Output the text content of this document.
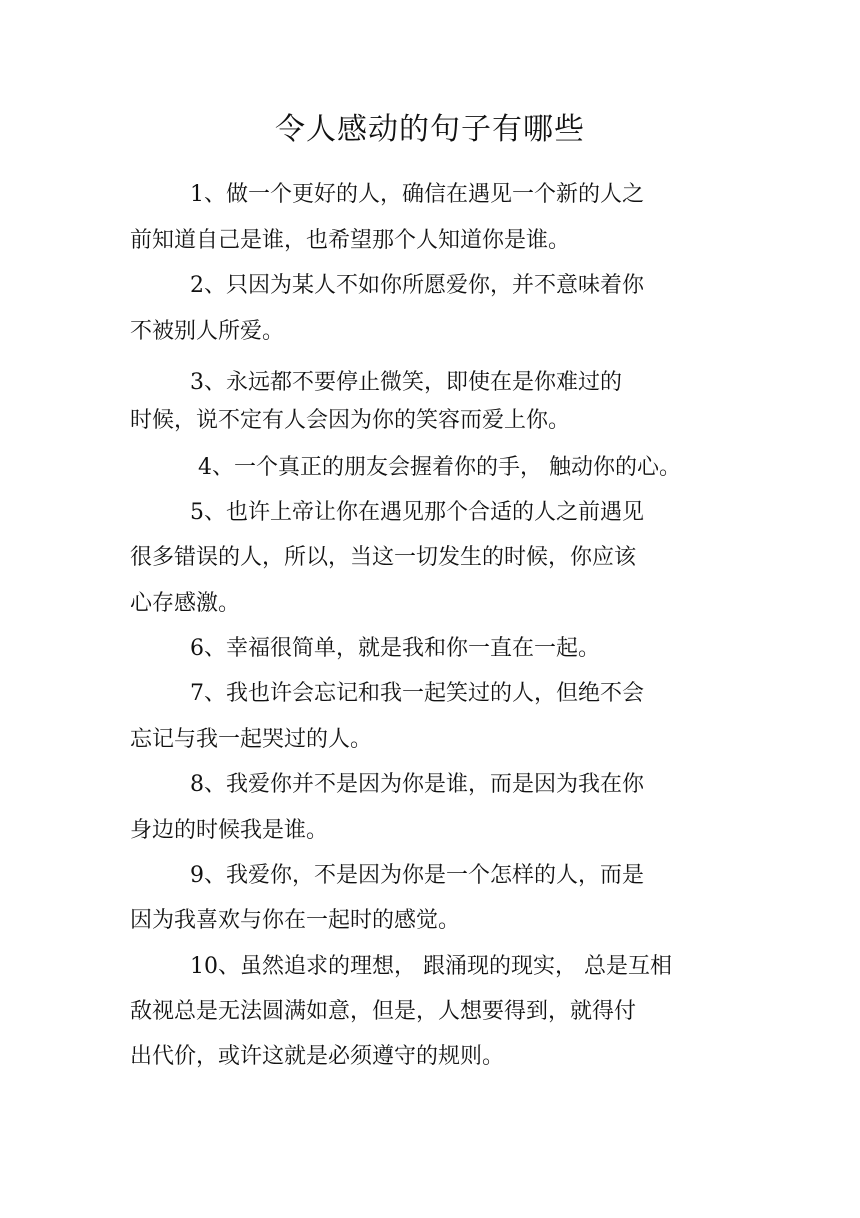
令人感动的句子有哪些
1、做一个更好的人，确信在遇见一个新的人之
前知道自己是谁，也希望那个人知道你是谁。
2、只因为某人不如你所愿爱你，并不意味着你
不被别人所爱。
3、永远都不要停止微笑，即使在是你难过的
时候，说不定有人会因为你的笑容而爱上你。
4、一个真正的朋友会握着你的手， 触动你的心。
5、也许上帝让你在遇见那个合适的人之前遇见
很多错误的人，所以，当这一切发生的时候，你应该
心存感激。
6、幸福很简单，就是我和你一直在一起。
7、我也许会忘记和我一起笑过的人，但绝不会
忘记与我一起哭过的人。
8、我爱你并不是因为你是谁，而是因为我在你
身边的时候我是谁。
9、我爱你，不是因为你是一个怎样的人，而是
因为我喜欢与你在一起时的感觉。
10、虽然追求的理想， 跟涌现的现实， 总是互相
敌视总是无法圆满如意，但是，人想要得到，就得付
出代价，或许这就是必须遵守的规则。
